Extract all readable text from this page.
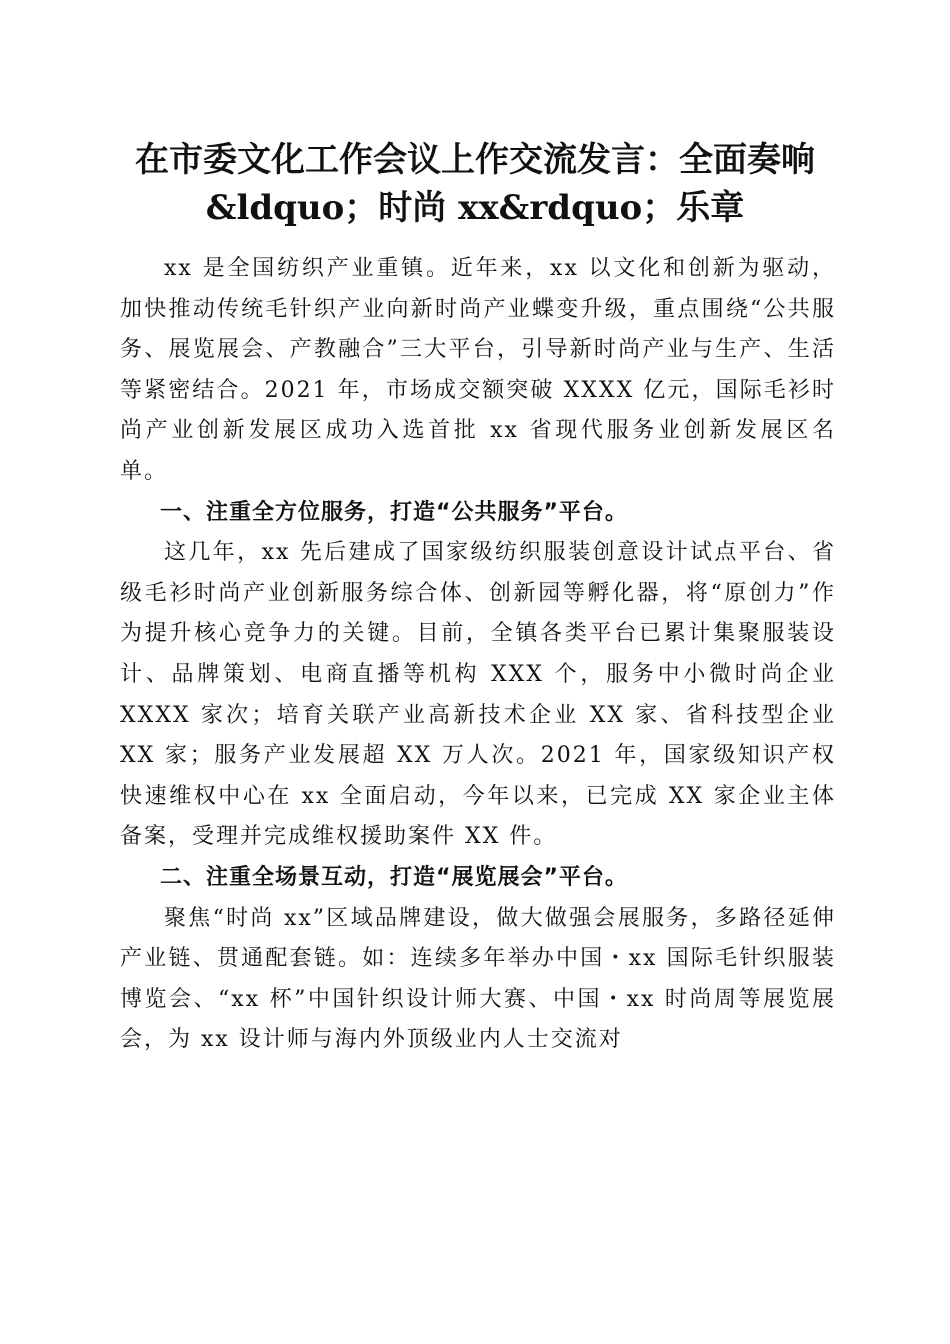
在市委文化工作会议上作交流发言：全面奏响
&ldquo；时尚 xx&rdquo；乐章

xx 是全国纺织产业重镇。近年来，xx 以文化和创新为驱动，加快推动传统毛针织产业向新时尚产业蝶变升级，重点围绕“公共服务、展览展会、产教融合”三大平台，引导新时尚产业与生产、生活等紧密结合。2021 年，市场成交额突破 XXXX 亿元，国际毛衫时尚产业创新发展区成功入选首批 xx 省现代服务业创新发展区名单。

一、注重全方位服务，打造“公共服务”平台。

这几年，xx 先后建成了国家级纺织服装创意设计试点平台、省级毛衫时尚产业创新服务综合体、创新园等孵化器，将“原创力”作为提升核心竞争力的关键。目前，全镇各类平台已累计集聚服装设计、品牌策划、电商直播等机构 XXX 个，服务中小微时尚企业 XXXX 家次；培育关联产业高新技术企业 XX 家、省科技型企业 XX 家；服务产业发展超 XX 万人次。2021 年，国家级知识产权快速维权中心在 xx 全面启动，今年以来，已完成 XX 家企业主体备案，受理并完成维权援助案件 XX 件。

二、注重全场景互动，打造“展览展会”平台。

聚焦“时尚 xx”区域品牌建设，做大做强会展服务，多路径延伸产业链、贯通配套链。如：连续多年举办中国・xx 国际毛针织服装博览会、“xx 杯”中国针织设计师大赛、中国・xx 时尚周等展览展会，为 xx 设计师与海内外顶级业内人士交流对
